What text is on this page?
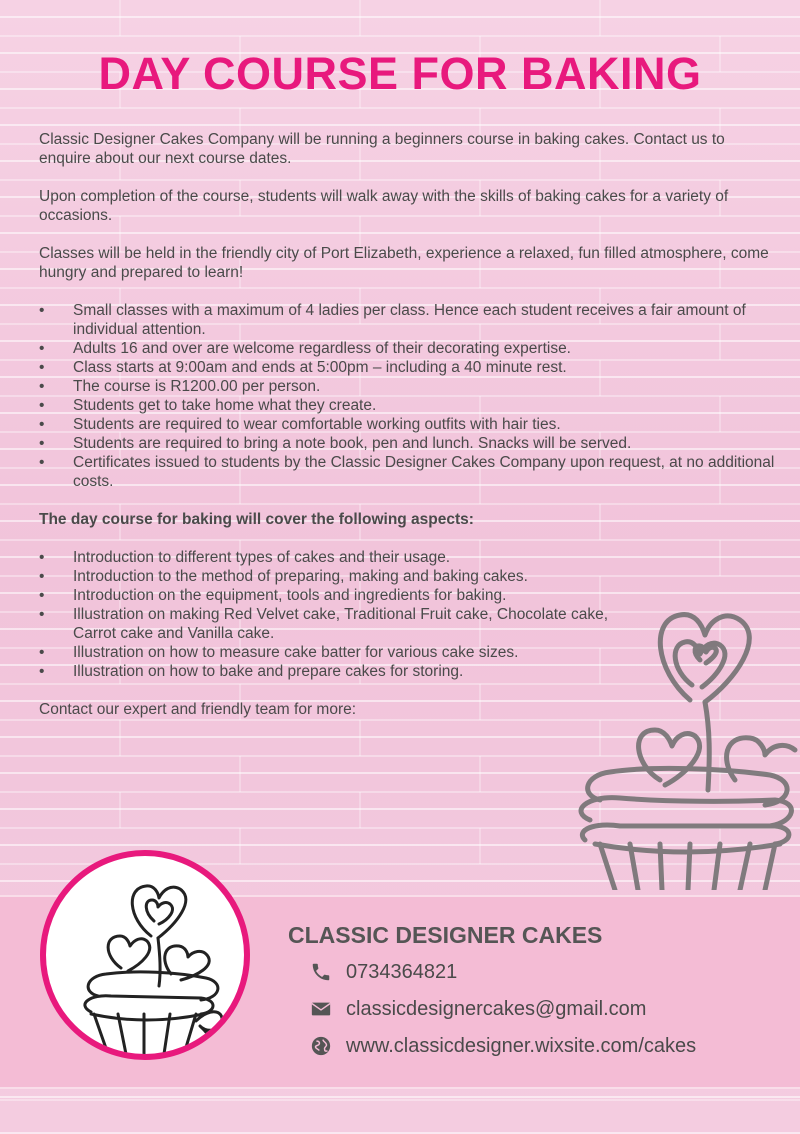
DAY COURSE FOR BAKING

Classic Designer Cakes Company will be running a beginners course in baking cakes. Contact us to enquire about our next course dates.

Upon completion of the course, students will walk away with the skills of baking cakes for a variety of occasions.

Classes will be held in the friendly city of Port Elizabeth, experience a relaxed, fun filled atmosphere, come hungry and prepared to learn!

• Small classes with a maximum of 4 ladies per class. Hence each student receives a fair amount of individual attention.
• Adults 16 and over are welcome regardless of their decorating expertise.
• Class starts at 9:00am and ends at 5:00pm – including a 40 minute rest.
• The course is R1200.00 per person.
• Students get to take home what they create.
• Students are required to wear comfortable working outfits with hair ties.
• Students are required to bring a note book, pen and lunch. Snacks will be served.
• Certificates issued to students by the Classic Designer Cakes Company upon request, at no additional costs.

The day course for baking will cover the following aspects:

• Introduction to different types of cakes and their usage.
• Introduction to the method of preparing, making and baking cakes.
• Introduction on the equipment, tools and ingredients for baking.
• Illustration on making Red Velvet cake, Traditional Fruit cake, Chocolate cake, Carrot cake and Vanilla cake.
• Illustration on how to measure cake batter for various cake sizes.
• Illustration on how to bake and prepare cakes for storing.

Contact our expert and friendly team for more:

CLASSIC DESIGNER CAKES
0734364821
classicdesignercakes@gmail.com
www.classicdesigner.wixsite.com/cakes
